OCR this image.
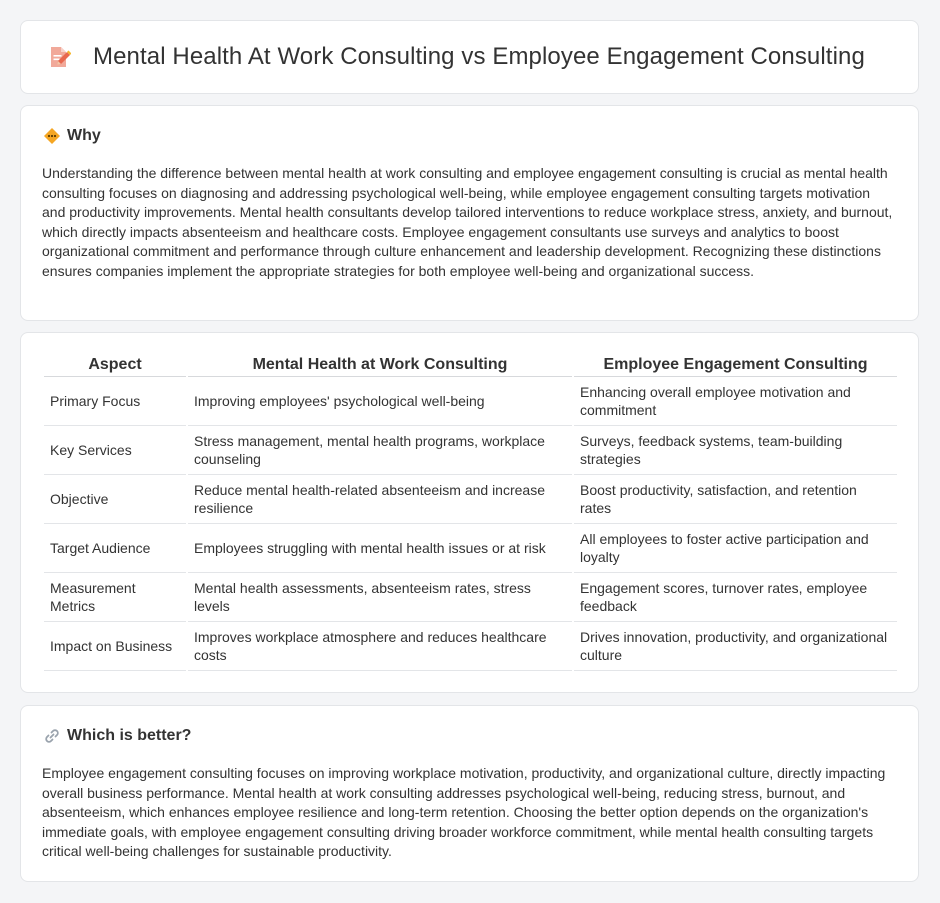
Mental Health At Work Consulting vs Employee Engagement Consulting
Why

Understanding the difference between mental health at work consulting and employee engagement consulting is crucial as mental health consulting focuses on diagnosing and addressing psychological well-being, while employee engagement consulting targets motivation and productivity improvements. Mental health consultants develop tailored interventions to reduce workplace stress, anxiety, and burnout, which directly impacts absenteeism and healthcare costs. Employee engagement consultants use surveys and analytics to boost organizational commitment and performance through culture enhancement and leadership development. Recognizing these distinctions ensures companies implement the appropriate strategies for both employee well-being and organizational success.

Aspect	Mental Health at Work Consulting	Employee Engagement Consulting
Primary Focus	Improving employees' psychological well-being	Enhancing overall employee motivation and commitment
Key Services	Stress management, mental health programs, workplace counseling	Surveys, feedback systems, team-building strategies
Objective	Reduce mental health-related absenteeism and increase resilience	Boost productivity, satisfaction, and retention rates
Target Audience	Employees struggling with mental health issues or at risk	All employees to foster active participation and loyalty
Measurement Metrics	Mental health assessments, absenteeism rates, stress levels	Engagement scores, turnover rates, employee feedback
Impact on Business	Improves workplace atmosphere and reduces healthcare costs	Drives innovation, productivity, and organizational culture
Which is better?

Employee engagement consulting focuses on improving workplace motivation, productivity, and organizational culture, directly impacting overall business performance. Mental health at work consulting addresses psychological well-being, reducing stress, burnout, and absenteeism, which enhances employee resilience and long-term retention. Choosing the better option depends on the organization's immediate goals, with employee engagement consulting driving broader workforce commitment, while mental health consulting targets critical well-being challenges for sustainable productivity.
